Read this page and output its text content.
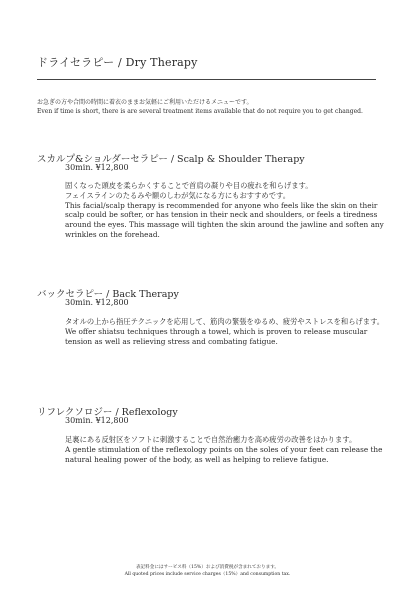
ドライセラピー / Dry Therapy
お急ぎの方や合間の時間に着衣のままお気軽にご利用いただけるメニューです。
Even if time is short, there is are several treatment items available that do not require you to get changed.
スカルプ&ショルダーセラピー / Scalp & Shoulder Therapy
30min. ¥12,800

固くなった頭皮を柔らかくすることで首肩の凝りや目の疲れを和らげます。

フェイスラインのたるみや額のしわが気になる方にもおすすめです。

This facial/scalp therapy is recommended for anyone who feels like the skin on their scalp could be softer, or has tension in their neck and shoulders, or feels a tiredness around the eyes. This massage will tighten the skin around the jawline and soften any wrinkles on the forehead.

バックセラピー / Back Therapy
30min. ¥12,800

タオルの上から指圧テクニックを応用して、筋肉の緊張をゆるめ、疲労やストレスを和らげます。

We offer shiatsu techniques through a towel, which is proven to release muscular tension as well as relieving stress and combating fatigue.

リフレクソロジー / Reflexology
30min. ¥12,800

足裏にある反射区をソフトに刺激することで自然治癒力を高め疲労の改善をはかります。

A gentle stimulation of the reflexology points on the soles of your feet can release the natural healing power of the body, as well as helping to relieve fatigue.

表記料金にはサービス料（15%）および消費税が含まれております。
All quoted prices include service charges（15%）and consumption tax.
